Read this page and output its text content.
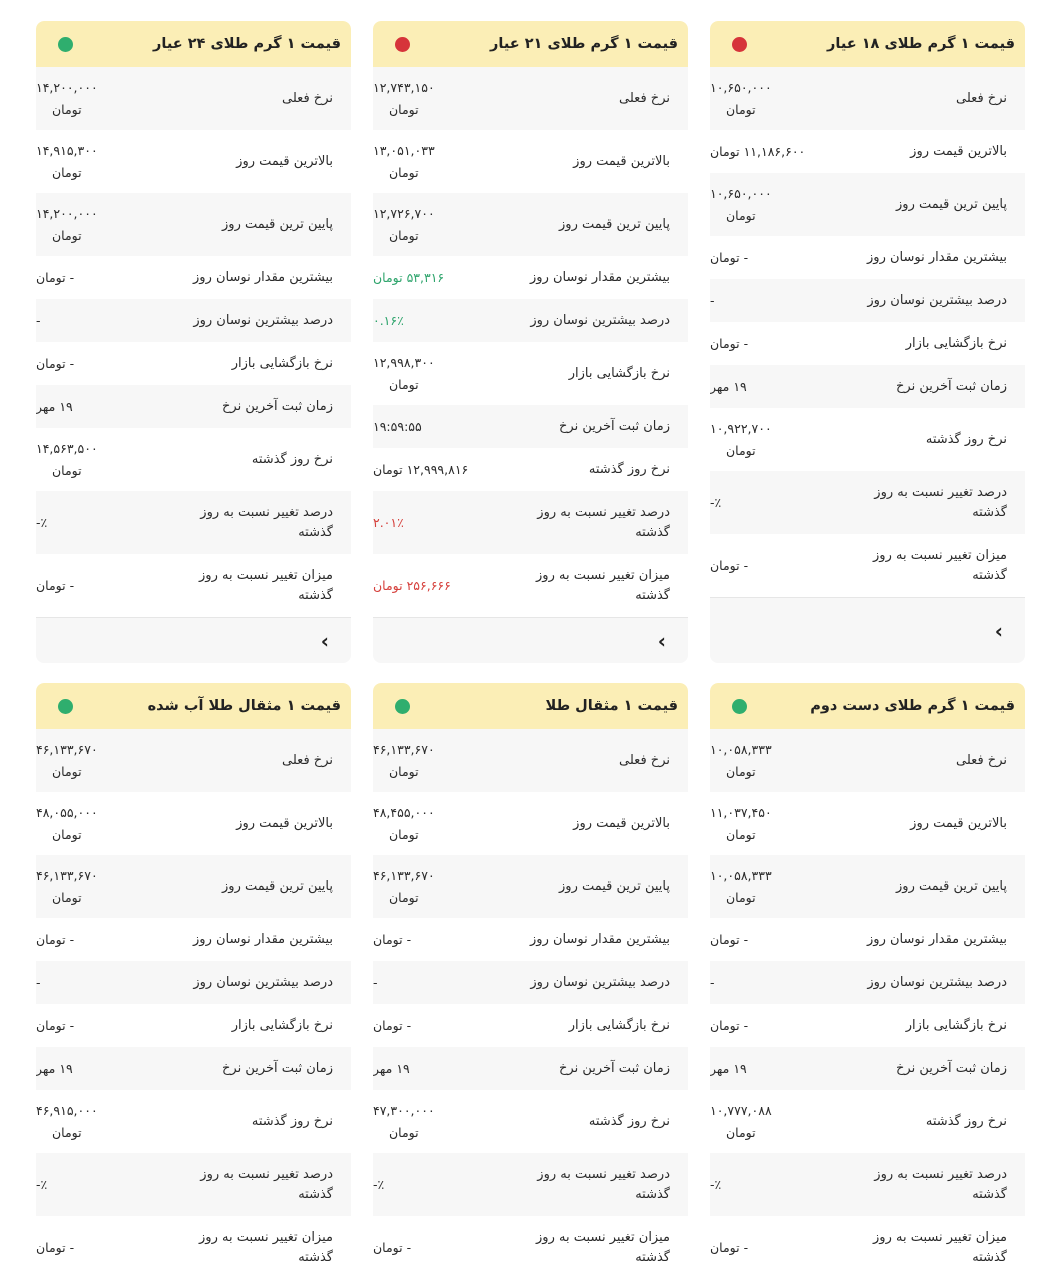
قیمت ۱ گرم طلای ۱۸ عیار
نرخ فعلی
۱۰,۶۵۰,۰۰۰
تومان
بالاترین قیمت روز
۱۱,۱۸۶,۶۰۰ تومان
پایین ترین قیمت روز
۱۰,۶۵۰,۰۰۰
تومان
بیشترین مقدار نوسان روز
- تومان
درصد بیشترین نوسان روز
-
نرخ بازگشایی بازار
- تومان
زمان ثبت آخرین نرخ
۱۹ مهر
نرخ روز گذشته
۱۰,۹۲۲,۷۰۰
تومان
درصد تغییر نسبت به روز گذشته
٪-
میزان تغییر نسبت به روز گذشته
- تومان
›
قیمت ۱ گرم طلای ۲۱ عیار
نرخ فعلی
۱۲,۷۴۳,۱۵۰
تومان
بالاترین قیمت روز
۱۳,۰۵۱,۰۳۳
تومان
پایین ترین قیمت روز
۱۲,۷۲۶,۷۰۰
تومان
بیشترین مقدار نوسان روز
۵۳,۳۱۶ تومان
درصد بیشترین نوسان روز
۰.۱۶٪
نرخ بازگشایی بازار
۱۲,۹۹۸,۳۰۰
تومان
زمان ثبت آخرین نرخ
۱۹:۵۹:۵۵
نرخ روز گذشته
۱۲,۹۹۹,۸۱۶ تومان
درصد تغییر نسبت به روز گذشته
۲.۰۱٪
میزان تغییر نسبت به روز گذشته
۲۵۶,۶۶۶ تومان
›
قیمت ۱ گرم طلای ۲۴ عیار
نرخ فعلی
۱۴,۲۰۰,۰۰۰
تومان
بالاترین قیمت روز
۱۴,۹۱۵,۳۰۰
تومان
پایین ترین قیمت روز
۱۴,۲۰۰,۰۰۰
تومان
بیشترین مقدار نوسان روز
- تومان
درصد بیشترین نوسان روز
-
نرخ بازگشایی بازار
- تومان
زمان ثبت آخرین نرخ
۱۹ مهر
نرخ روز گذشته
۱۴,۵۶۳,۵۰۰
تومان
درصد تغییر نسبت به روز گذشته
٪-
میزان تغییر نسبت به روز گذشته
- تومان
›
قیمت ۱ گرم طلای دست دوم
نرخ فعلی
۱۰,۰۵۸,۳۳۳
تومان
بالاترین قیمت روز
۱۱,۰۳۷,۴۵۰
تومان
پایین ترین قیمت روز
۱۰,۰۵۸,۳۳۳
تومان
بیشترین مقدار نوسان روز
- تومان
درصد بیشترین نوسان روز
-
نرخ بازگشایی بازار
- تومان
زمان ثبت آخرین نرخ
۱۹ مهر
نرخ روز گذشته
۱۰,۷۷۷,۰۸۸
تومان
درصد تغییر نسبت به روز گذشته
٪-
میزان تغییر نسبت به روز گذشته
- تومان
قیمت ۱ مثقال طلا
نرخ فعلی
۴۶,۱۳۳,۶۷۰
تومان
بالاترین قیمت روز
۴۸,۴۵۵,۰۰۰
تومان
پایین ترین قیمت روز
۴۶,۱۳۳,۶۷۰
تومان
بیشترین مقدار نوسان روز
- تومان
درصد بیشترین نوسان روز
-
نرخ بازگشایی بازار
- تومان
زمان ثبت آخرین نرخ
۱۹ مهر
نرخ روز گذشته
۴۷,۳۰۰,۰۰۰
تومان
درصد تغییر نسبت به روز گذشته
٪-
میزان تغییر نسبت به روز گذشته
- تومان
قیمت ۱ مثقال طلا آب شده
نرخ فعلی
۴۶,۱۳۳,۶۷۰
تومان
بالاترین قیمت روز
۴۸,۰۵۵,۰۰۰
تومان
پایین ترین قیمت روز
۴۶,۱۳۳,۶۷۰
تومان
بیشترین مقدار نوسان روز
- تومان
درصد بیشترین نوسان روز
-
نرخ بازگشایی بازار
- تومان
زمان ثبت آخرین نرخ
۱۹ مهر
نرخ روز گذشته
۴۶,۹۱۵,۰۰۰
تومان
درصد تغییر نسبت به روز گذشته
٪-
میزان تغییر نسبت به روز گذشته
- تومان
